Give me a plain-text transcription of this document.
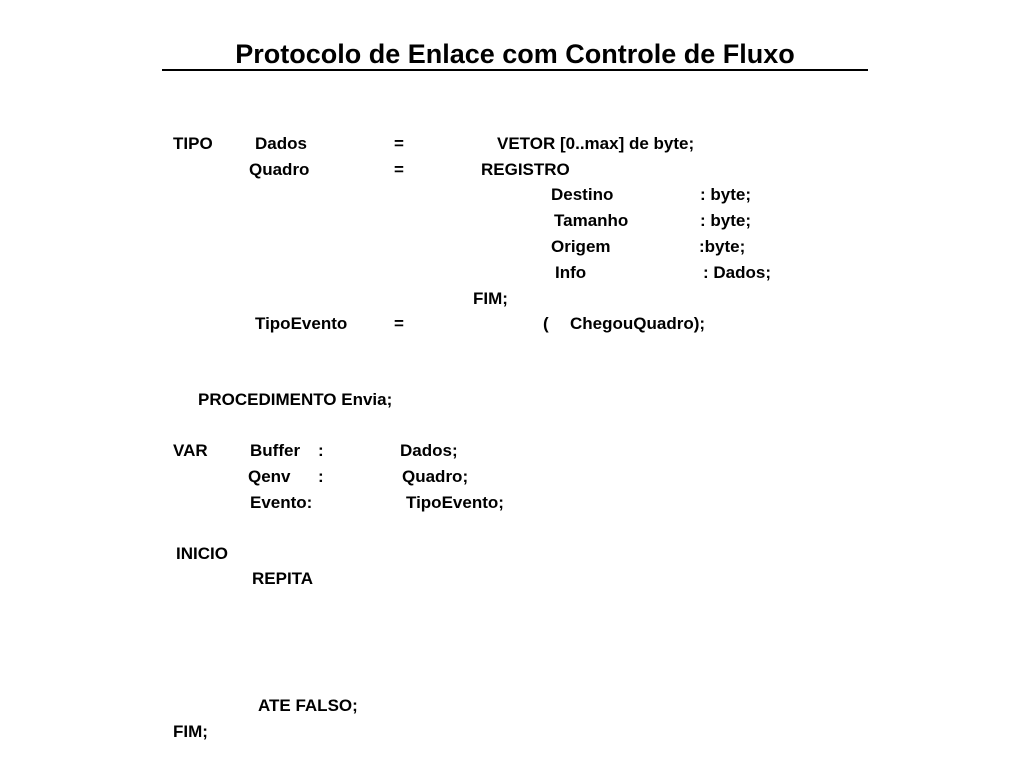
Protocolo de Enlace com Controle de Fluxo
TIPO Dados	=	VETOR [0..max] de byte;
Quadro	=	REGISTRO
Destino	: byte;
Tamanho	: byte;
Origem	:byte;
Info	: Dados;
FIM;
TipoEvento	=	( ChegouQuadro);
PROCEDIMENTO Envia;
VAR Buffer :	Dados;
Qenv :	Quadro;
Evento:	TipoEvento;
INICIO
REPITA
ATE FALSO;
FIM;
